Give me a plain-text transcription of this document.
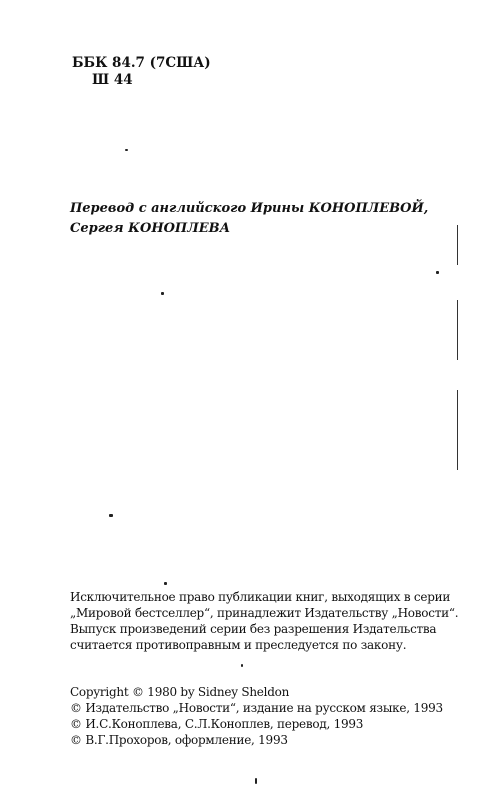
ББК 84.7 (7США)
Ш 44
Перевод с английского Ирины КОНОПЛЕВОЙ,
Сергея КОНОПЛЕВА
Исключительное право публикации книг, выходящих в серии
„Мировой бестселлер“, принадлежит Издательству „Новости“.
Выпуск произведений серии без разрешения Издательства
считается противоправным и преследуется по закону.
Copyright © 1980 by Sidney Sheldon
© Издательство „Новости“, издание на русском языке, 1993
© И.С.Коноплева, С.Л.Коноплев, перевод, 1993
© В.Г.Прохоров, оформление, 1993
